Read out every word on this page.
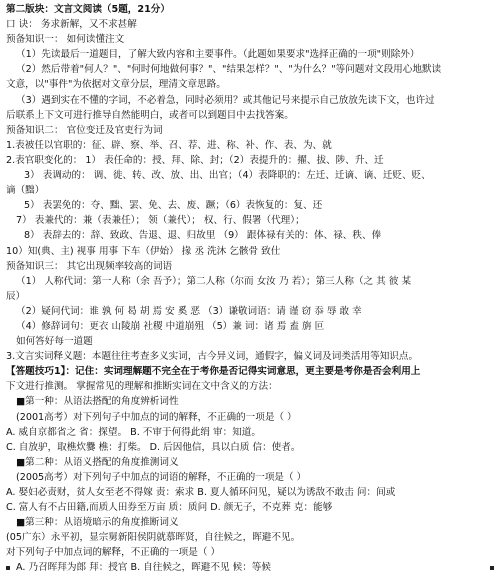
第二版块：文言文阅读（5题，21分）
口 诀： 务求新解，又不求甚解
预备知识一： 如何读懂注文
（1）先读最后一道题目，了解大致内容和主要事件。（此题如果要求"选择正确的一项"则除外）
（2）然后带着"何人？"、"何时何地做何事？"、"结果怎样？"、"为什么？"等问题对文段用心地默读
文意，以"事件"为依据对文章分层，理清文章思路。
（3）遇到实在不懂的字词，不必着急，同时必须用？或其他记号来提示自己放放先读下文，也许过
后联系上下文可进行推导自然能明白，或者可以到题目中去找答案。
预备知识二： 官位变迁及官吏行为词
1.表被任以官职的：征、辟、察、举、召、荐、进、称、补、作、表、为、就
2.表官职变化的： 1） 表任命的：授、拜、除、封；（2）表提升的：擢、拔、陟、升、迁
3） 表调动的： 调、徙、转、改、放、出、出官；（4）表降职的：左迁、迁谪、谪、迁贬、贬、
谪（黜）
5） 表罢免的：夺、黜、罢、免、去、废、蹶；（6）表恢复的：复、还
7） 表兼代的：兼（表兼任）； 领（兼代）； 权、行、假署（代理）；
8） 表辞去的：辞、致政、告退、退、归故里 （9） 跟体禄有关的：体、禄、秩、俸
10）知(典、主) 视事 用事 下车（伊始） 掾 丞 洗沐 乞骸骨 致仕
预备知识三： 其它出现频率较高的词语
（1） 人称代词：第一人称（余 吾予）；第二人称（尔而 女汝 乃 若）；第三人称（之 其 彼 某
辰）
（2）疑问代词：谁 孰 何 曷 胡 焉 安 奚 恶 （3）谦敬词语：请 谨 窃 忝 辱 敢 幸
（4）修辞词句：更衣 山陵崩 社稷 中道崩殂 （5）兼 词：诸 焉 盍 旃 叵
如何答好每一道题
3.文言实词释义题：本题往往考查多义实词，古今异义词，通假字，偏义词及词类活用等知识点。
【答题技巧1】：记住：实词理解题不完全在于考你是否记得实词意思，更主要是考你是否会利用上
下文进行推测。 掌握常见的理解和推断实词在文中含义的方法：
■第一种：从语法搭配的角度辨析词性
(2001高考）对下列句子中加点的词的解释，不正确的一项是（ ）
A. 威自京都省之 省：探望。 B. 不审于何得此绢 审：知道。
C. 自放驴，取樵炊爨 樵：打柴。 D. 后因他信，具以白质 信：使者。
■第二种：从语义搭配的角度推测词义
(2005高考）对下列句子中加点的词语的解释，不正确的一项是（ ）
A. 娶妇必责财，贫人女至老不得嫁 责：索求 B. 夏人循环问见，疑以为诱敌不敢击 问：间或
C. 富人有不占田籍,而质人田券至万亩 质：质问 D. 颜无子，不克葬 克：能够
■第三种：从语境暗示的角度推断词义
(05广东）永平初，显宗舅新阳侯阴就慕晖贤，自往候之，晖避不见。
对下列句子中加点词的解释，不正确的一项是（ ）
A. 乃召晖拜为郎 拜：授官 B. 自往候之，晖避不见 候：等候
